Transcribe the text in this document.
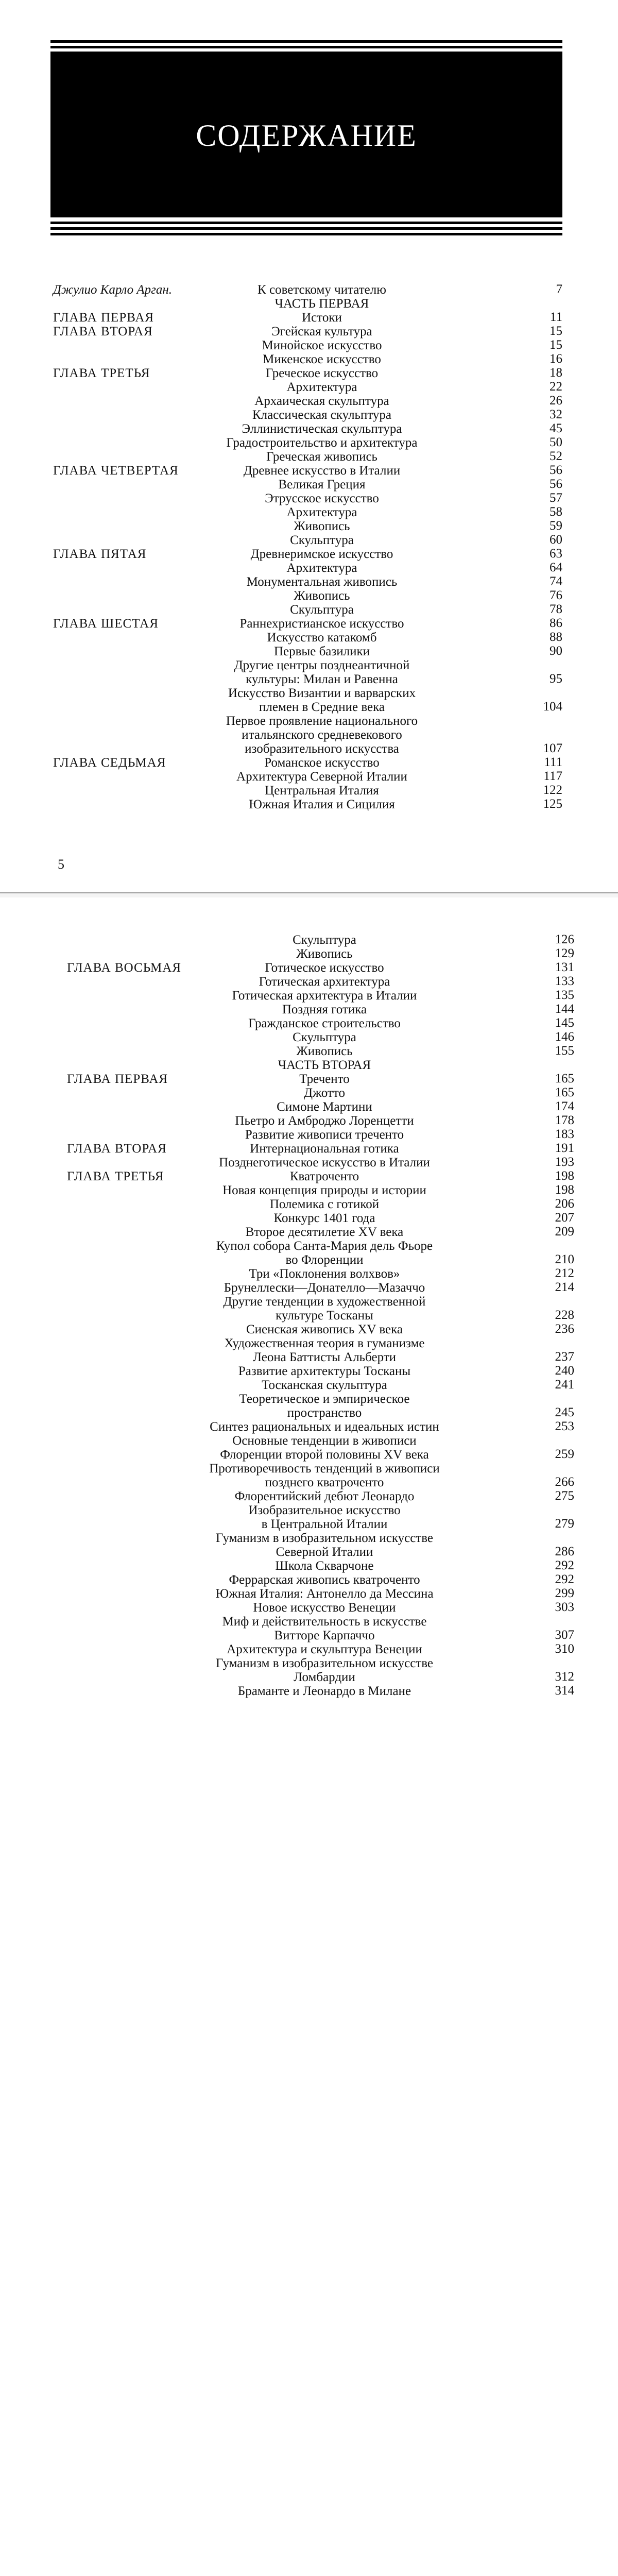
СОДЕРЖАНИЕ
Джулио Карло Арган.	К советскому читателю	7
ЧАСТЬ ПЕРВАЯ
ГЛАВА ПЕРВАЯ	Истоки	11
ГЛАВА ВТОРАЯ	Эгейская культура	15
Минойское искусство	15
Микенское искусство	16
ГЛАВА ТРЕТЬЯ	Греческое искусство	18
Архитектура	22
Архаическая скульптура	26
Классическая скульптура	32
Эллинистическая скульптура	45
Градостроительство и архитектура	50
Греческая живопись	52
ГЛАВА ЧЕТВЕРТАЯ	Древнее искусство в Италии	56
Великая Греция	56
Этрусское искусство	57
Архитектура	58
Живопись	59
Скульптура	60
ГЛАВА ПЯТАЯ	Древнеримское искусство	63
Архитектура	64
Монументальная живопись	74
Живопись	76
Скульптура	78
ГЛАВА ШЕСТАЯ	Раннехристианское искусство	86
Искусство катакомб	88
Первые базилики	90
Другие центры позднеантичной
культуры: Милан и Равенна	95
Искусство Византии и варварских
племен в Средние века	104
Первое проявление национального
итальянского средневекового
изобразительного искусства	107
ГЛАВА СЕДЬМАЯ	Романское искусство	111
Архитектура Северной Италии	117
Центральная Италия	122
Южная Италия и Сицилия	125
5
Скульптура	126
Живопись	129
ГЛАВА ВОСЬМАЯ	Готическое искусство	131
Готическая архитектура	133
Готическая архитектура в Италии	135
Поздняя готика	144
Гражданское строительство	145
Скульптура	146
Живопись	155
ЧАСТЬ ВТОРАЯ
ГЛАВА ПЕРВАЯ	Треченто	165
Джотто	165
Симоне Мартини	174
Пьетро и Амброджо Лоренцетти	178
Развитие живописи треченто	183
ГЛАВА ВТОРАЯ	Интернациональная готика	191
Позднеготическое искусство в Италии	193
ГЛАВА ТРЕТЬЯ	Кватроченто	198
Новая концепция природы и истории	198
Полемика с готикой	206
Конкурс 1401 года	207
Второе десятилетие XV века	209
Купол собора Санта-Мария дель Фьоре
во Флоренции	210
Три «Поклонения волхвов»	212
Брунеллески—Донателло—Мазаччо	214
Другие тенденции в художественной
культуре Тосканы	228
Сиенская живопись XV века	236
Художественная теория в гуманизме
Леона Баттисты Альберти	237
Развитие архитектуры Тосканы	240
Тосканская скульптура	241
Теоретическое и эмпирическое
пространство	245
Синтез рациональных и идеальных истин	253
Основные тенденции в живописи
Флоренции второй половины XV века	259
Противоречивость тенденций в живописи
позднего кватроченто	266
Флорентийский дебют Леонардо	275
Изобразительное искусство
в Центральной Италии	279
Гуманизм в изобразительном искусстве
Северной Италии	286
Школа Скварчоне	292
Феррарская живопись кватроченто	292
Южная Италия: Антонелло да Мессина	299
Новое искусство Венеции	303
Миф и действительность в искусстве
Витторе Карпаччо	307
Архитектура и скульптура Венеции	310
Гуманизм в изобразительном искусстве
Ломбардии	312
Браманте и Леонардо в Милане	314
